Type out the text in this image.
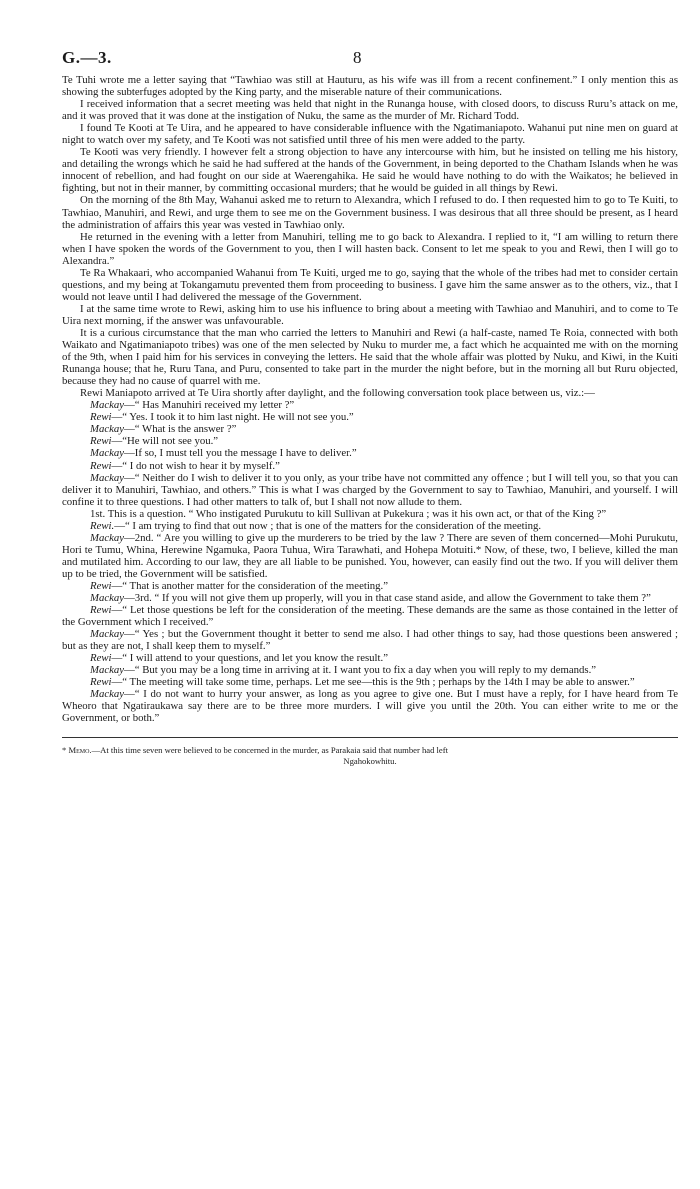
G.—3.	8

Te Tuhi wrote me a letter saying that “Tawhiao was still at Hauturu, as his wife was ill from a recent confinement.” I only mention this as showing the subterfuges adopted by the King party, and the miserable nature of their communications.

I received information that a secret meeting was held that night in the Runanga house, with closed doors, to discuss Ruru’s attack on me, and it was proved that it was done at the instigation of Nuku, the same as the murder of Mr. Richard Todd.

I found Te Kooti at Te Uira, and he appeared to have considerable influence with the Ngatimaniapoto. Wahanui put nine men on guard at night to watch over my safety, and Te Kooti was not satisfied until three of his men were added to the party.

Te Kooti was very friendly. I however felt a strong objection to have any intercourse with him, but he insisted on telling me his history, and detailing the wrongs which he said he had suffered at the hands of the Government, in being deported to the Chatham Islands when he was innocent of rebellion, and had fought on our side at Waerengahika. He said he would have nothing to do with the Waikatos; he believed in fighting, but not in their manner, by committing occasional murders; that he would be guided in all things by Rewi.

On the morning of the 8th May, Wahanui asked me to return to Alexandra, which I refused to do. I then requested him to go to Te Kuiti, to Tawhiao, Manuhiri, and Rewi, and urge them to see me on the Government business. I was desirous that all three should be present, as I heard the administration of affairs this year was vested in Tawhiao only.

He returned in the evening with a letter from Manuhiri, telling me to go back to Alexandra. I replied to it, “I am willing to return there when I have spoken the words of the Government to you, then I will hasten back. Consent to let me speak to you and Rewi, then I will go to Alexandra.”

Te Ra Whakaari, who accompanied Wahanui from Te Kuiti, urged me to go, saying that the whole of the tribes had met to consider certain questions, and my being at Tokangamutu prevented them from proceeding to business. I gave him the same answer as to the others, viz., that I would not leave until I had delivered the message of the Government.

I at the same time wrote to Rewi, asking him to use his influence to bring about a meeting with Tawhiao and Manuhiri, and to come to Te Uira next morning, if the answer was unfavourable.

It is a curious circumstance that the man who carried the letters to Manuhiri and Rewi (a half-caste, named Te Roia, connected with both Waikato and Ngatimaniapoto tribes) was one of the men selected by Nuku to murder me, a fact which he acquainted me with on the morning of the 9th, when I paid him for his services in conveying the letters. He said that the whole affair was plotted by Nuku, and Kiwi, in the Kuiti Runanga house; that he, Ruru Tana, and Puru, consented to take part in the murder the night before, but in the morning all but Ruru objected, because they had no cause of quarrel with me.

Rewi Maniapoto arrived at Te Uira shortly after daylight, and the following conversation took place between us, viz.:—

Mackay—“ Has Manuhiri received my letter ?”

Rewi—“ Yes. I took it to him last night. He will not see you.”

Mackay—“ What is the answer ?”

Rewi—“He will not see you.”

Mackay—If so, I must tell you the message I have to deliver.”

Rewi—“ I do not wish to hear it by myself.”

Mackay—“ Neither do I wish to deliver it to you only, as your tribe have not committed any offence ; but I will tell you, so that you can deliver it to Manuhiri, Tawhiao, and others.” This is what I was charged by the Government to say to Tawhiao, Manuhiri, and yourself. I will confine it to three questions. I had other matters to talk of, but I shall not now allude to them.

1st. This is a question. “ Who instigated Purukutu to kill Sullivan at Pukekura ; was it his own act, or that of the King ?”

Rewi.—“ I am trying to find that out now ; that is one of the matters for the consideration of the meeting.

Mackay—2nd. “ Are you willing to give up the murderers to be tried by the law ? There are seven of them concerned—Mohi Purukutu, Hori te Tumu, Whina, Herewine Ngamuka, Paora Tuhua, Wira Tarawhati, and Hohepa Motuiti.* Now, of these, two, I believe, killed the man and mutilated him. According to our law, they are all liable to be punished. You, however, can easily find out the two. If you will deliver them up to be tried, the Government will be satisfied.

Rewi—“ That is another matter for the consideration of the meeting.”

Mackay—3rd. “ If you will not give them up properly, will you in that case stand aside, and allow the Government to take them ?”

Rewi—“ Let those questions be left for the consideration of the meeting. These demands are the same as those contained in the letter of the Government which I received.”

Mackay—“ Yes ; but the Government thought it better to send me also. I had other things to say, had those questions been answered ; but as they are not, I shall keep them to myself.”

Rewi—“ I will attend to your questions, and let you know the result.”

Mackay—“ But you may be a long time in arriving at it. I want you to fix a day when you will reply to my demands.”

Rewi—“ The meeting will take some time, perhaps. Let me see—this is the 9th ; perhaps by the 14th I may be able to answer.”

Mackay—“ I do not want to hurry your answer, as long as you agree to give one. But I must have a reply, for I have heard from Te Wheoro that Ngatiraukawa say there are to be three more murders. I will give you until the 20th. You can either write to me or the Government, or both.”

* Memo.—At this time seven were believed to be concerned in the murder, as Parakaia said that number had left
Ngahokowhitu.
